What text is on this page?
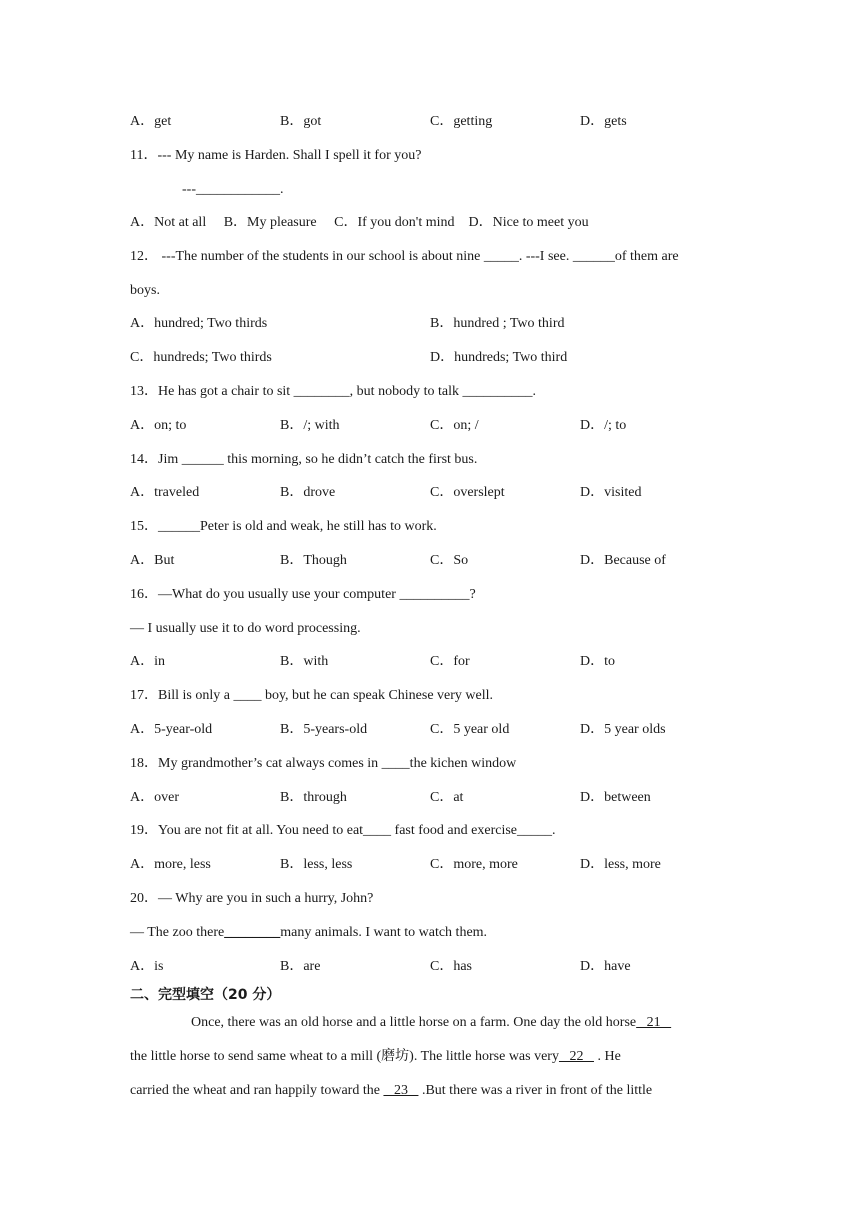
A．get	B．got	C．getting	D．gets
11．--- My name is Harden. Shall I spell it for you?
---____________.
A．Not at all　 B．My pleasure　 C．If you don't mind　D．Nice to meet you
12． ---The number of the students in our school is about nine _____. ---I see. ______of them are
boys.
A．hundred; Two thirds	B．hundred ; Two third
C．hundreds; Two thirds	D．hundreds; Two third
13．He has got a chair to sit ________, but nobody to talk __________.
A．on; to	B．/; with	C．on; /	D．/; to
14．Jim ______ this morning, so he didn’t catch the first bus.
A．traveled	B．drove	C．overslept	D．visited
15．______Peter is old and weak, he still has to work.
A．But	B．Though	C．So	D．Because of
16．—What do you usually use your computer __________?
— I usually use it to do word processing.
A．in	B．with	C．for	D．to
17．Bill is only a ____ boy, but he can speak Chinese very well.
A．5-year-old	B．5-years-old	C．5 year old	D．5 year olds
18．My grandmother’s cat always comes in ____the kichen window
A．over	B．through	C．at	D．between
19．You are not fit at all. You need to eat____ fast food and exercise_____.
A．more, less	B．less, less	C．more, more	D．less, more
20．— Why are you in such a hurry, John?
— The zoo there________many animals. I want to watch them.
A．is	B．are	C．has	D．have
二、完型填空（20 分）
Once, there was an old horse and a little horse on a farm. One day the old horse   21
the little horse to send same wheat to a mill (磨坊). The little horse was very   22    . He
carried the wheat and ran happily toward the    23    .But there was a river in front of the little
